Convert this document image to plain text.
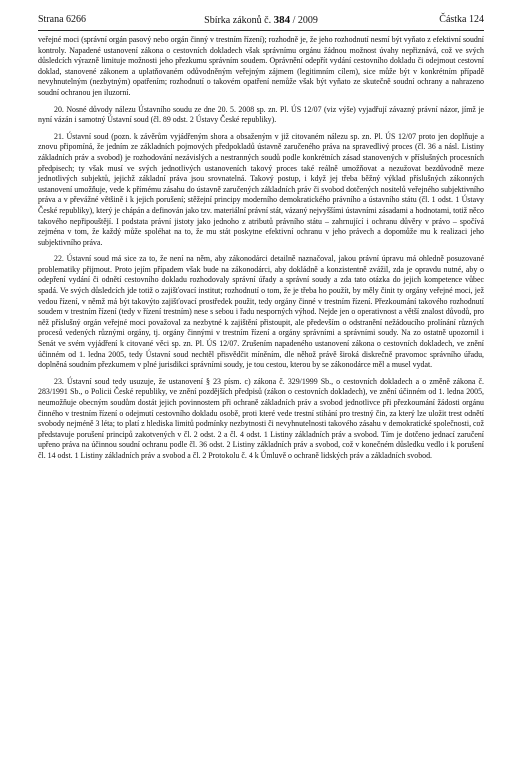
Strana 6266	Sbírka zákonů č. 384 / 2009	Částka 124

veřejné moci (správní orgán pasový nebo orgán činný v trestním řízení); rozhodně je, že jeho rozhodnutí nesmí být vyňato z efektivní soudní kontroly. Napadené ustanovení zákona o cestovních dokladech však správnímu orgánu žádnou možnost úvahy nepřiznává, což ve svých důsledcích výrazně limituje možnosti jeho přezkumu správním soudem. Oprávnění odepřít vydání cestovního dokladu či odejmout cestovní doklad, stanovené zákonem a uplatňovaném odůvodněným veřejným zájmem (legitimním cílem), sice může být v konkrétním případě nevyhnutelným (nezbytným) opatřením; rozhodnutí o takovém opatření nemůže však být vyňato ze skutečně soudní ochrany a nahrazeno soudní ochranou jen iluzorní.

20. Nosné důvody nálezu Ústavního soudu ze dne 20. 5. 2008 sp. zn. Pl. ÚS 12/07 (viz výše) vyjadřují závazný právní názor, jímž je nyní vázán i samotný Ústavní soud (čl. 89 odst. 2 Ústavy České republiky).

21. Ústavní soud (pozn. k závěrům vyjádřeným shora a obsaženým v již citovaném nálezu sp. zn. Pl. ÚS 12/07 proto jen doplňuje a znovu připomíná, že jedním ze základních pojmových předpokladů ústavně zaručeného práva na spravedlivý proces (čl. 36 a násl. Listiny základních práv a svobod) je rozhodování nezávislých a nestranných soudů podle konkrétních zásad stanovených v příslušných procesních předpisech; ty však musí ve svých jednotlivých ustanoveních takový proces také reálně umožňovat a nezužovat bezdůvodně meze jednotlivých subjektů, jejichž základní práva jsou srovnatelná. Takový postup, i když jej třeba běžný výklad příslušných zákonných ustanovení umožňuje, vede k přímému zásahu do ústavně zaručených základních práv či svobod dotčených nositelů veřejného subjektivního práva a v převážné většině i k jejich porušení; stěžejní principy moderního demokratického právního a ústavního státu (čl. 1 odst. 1 Ústavy České republiky), který je chápán a definován jako tzv. materiální právní stát, vázaný nejvyššími ústavními zásadami a hodnotami, totiž něco takového nepřipouštějí. I podstata právní jistoty jako jednoho z atributů právního státu – zahrnující i ochranu důvěry v právo – spočívá zejména v tom, že každý může spoléhat na to, že mu stát poskytne efektivní ochranu v jeho právech a dopomůže mu k realizaci jeho subjektivního práva.

22. Ústavní soud má sice za to, že není na něm, aby zákonodárci detailně naznačoval, jakou právní úpravu má ohledně posuzované problematiky přijmout. Proto jejím případem však bude na zákonodárci, aby dokládně a konzistentně zvážil, zda je opravdu nutné, aby o odepření vydání či odnětí cestovního dokladu rozhodovaly správní úřady a správní soudy a zda tato otázka do jejich kompetence vůbec spadá. Ve svých důsledcích jde totiž o zajišťovací institut; rozhodnutí o tom, že je třeba ho použít, by měly činit ty orgány veřejné moci, jež vedou řízení, v němž má být takovýto zajišťovací prostředek použit, tedy orgány činné v trestním řízení. Přezkoumání takového rozhodnutí soudem v trestním řízení (tedy v řízení trestním) nese s sebou i řadu nesporných výhod. Nejde jen o operativnost a větší znalost důvodů, pro něž příslušný orgán veřejné moci považoval za nezbytné k zajištění přistoupit, ale především o odstranění nežádoucího prolínání různých procesů vedených různými orgány, tj. orgány činnými v trestním řízení a orgány správními a správními soudy. Na zo ostatně upozornil i Senát ve svém vyjádření k citované věci sp. zn. Pl. ÚS 12/07. Zrušením napadeného ustanovení zákona o cestovních dokladech, ve znění účinném od 1. ledna 2005, tedy Ústavní soud nechtěl přisvědčit míněním, dle něhož právě široká diskrečně pravomoc správního úřadu, doplněná soudním přezkumem v plné jurisdikci správními soudy, je tou cestou, kterou by se zákonodárce měl a musel vydat.

23. Ústavní soud tedy usuzuje, že ustanovení § 23 písm. c) zákona č. 329/1999 Sb., o cestovních dokladech a o změně zákona č. 283/1991 Sb., o Policii České republiky, ve znění pozdějších předpisů (zákon o cestovních dokladech), ve znění účinném od 1. ledna 2005, neumožňuje obecným soudům dostát jejich povinnostem při ochraně základních práv a svobod jednotlivce při přezkoumání žádosti orgánu činného v trestním řízení o odejmutí cestovního dokladu osobě, proti které vede trestní stíhání pro trestný čin, za který lze uložit trest odnětí svobody nejméně 3 léta; to platí z hlediska limitů podmínky nezbytnosti či nevyhnutelnosti takového zásahu v demokratické společnosti, což představuje porušení principů zakotvených v čl. 2 odst. 2 a čl. 4 odst. 1 Listiny základních práv a svobod. Tím je dotčeno jednací zaručení upřeno práva na účinnou soudní ochranu podle čl. 36 odst. 2 Listiny základních práv a svobod, což v konečném důsledku vedlo i k porušení čl. 14 odst. 1 Listiny základních práv a svobod a čl. 2 Protokolu č. 4 k Úmluvě o ochraně lidských práv a základních svobod.
